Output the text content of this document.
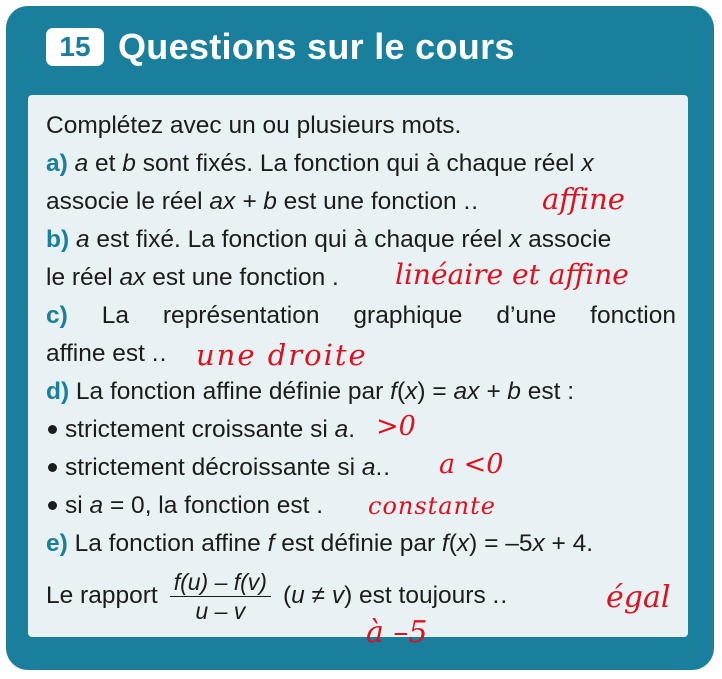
15 Questions sur le cours
Complétez avec un ou plusieurs mots.
a) a et b sont fixés. La fonction qui à chaque réel x
associe le réel ax + b est une fonction ..	affine
b) a est fixé. La fonction qui à chaque réel x associe
le réel ax est une fonction .	linéaire et affine
c) La représentation graphique d’une fonction
affine est .. une droite
d) La fonction affine définie par f(x) = ax + b est :
strictement croissante si a. >0
strictement décroissante si a..	a <0
si a = 0, la fonction est .	constante
e) La fonction affine f est définie par f(x) = –5x + 4.
Le rapport $\frac{f(u) - f(v)}{u - v} (u \ne v)$ est toujours ..	égal
à –5
